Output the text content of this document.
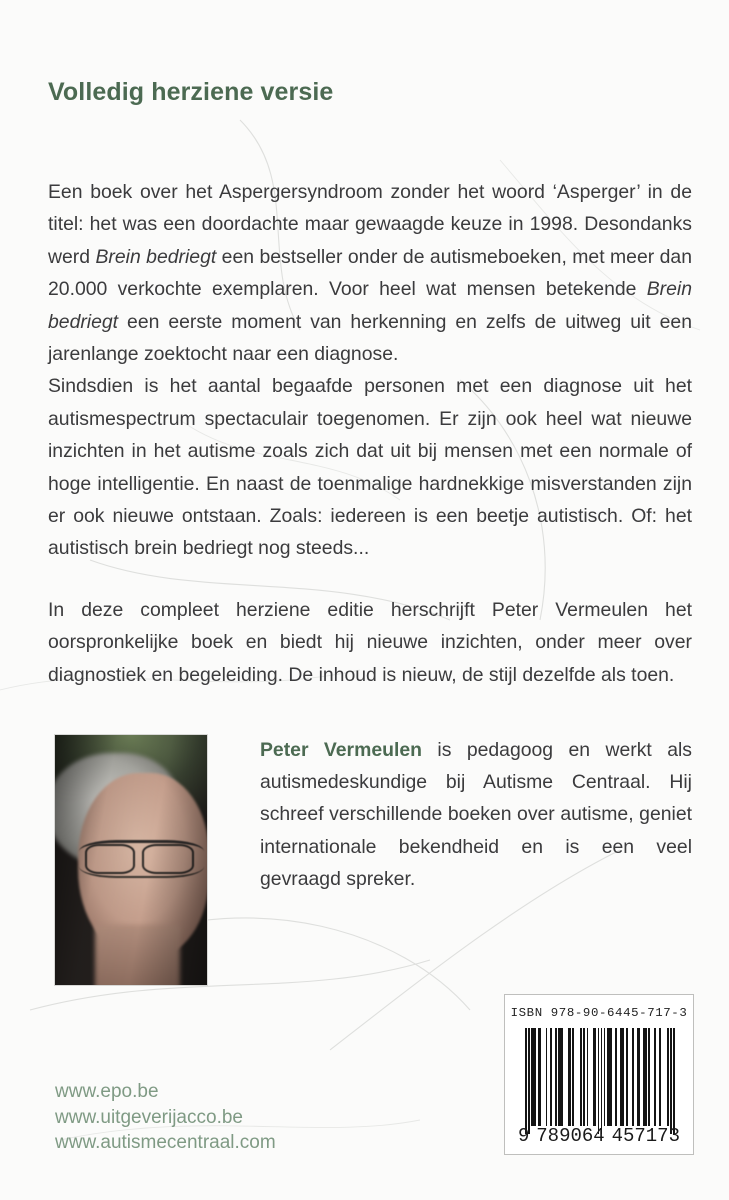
Volledig herziene versie

Een boek over het Aspergersyndroom zonder het woord ‘Asperger’ in de titel: het was een doordachte maar gewaagde keuze in 1998. Desondanks werd Brein bedriegt een bestseller onder de autismeboeken, met meer dan 20.000 verkochte exemplaren. Voor heel wat mensen betekende Brein bedriegt een eerste moment van herkenning en zelfs de uitweg uit een jarenlange zoektocht naar een diagnose.

Sindsdien is het aantal begaafde personen met een diagnose uit het autismespectrum spectaculair toegenomen. Er zijn ook heel wat nieuwe inzichten in het autisme zoals zich dat uit bij mensen met een normale of hoge intelligentie. En naast de toenmalige hardnekkige misverstanden zijn er ook nieuwe ontstaan. Zoals: iedereen is een beetje autistisch. Of: het autistisch brein bedriegt nog steeds...

In deze compleet herziene editie herschrijft Peter Vermeulen het oorspronkelijke boek en biedt hij nieuwe inzichten, onder meer over diagnostiek en begeleiding. De inhoud is nieuw, de stijl dezelfde als toen.

Peter Vermeulen is pedagoog en werkt als autismedeskundige bij Autisme Centraal. Hij schreef verschillende boeken over autisme, geniet internationale bekendheid en is een veel gevraagd spreker.
www.epo.be
www.uitgeverijacco.be
www.autismecentraal.com
ISBN 978-90-6445-717-3
9 789064 457173
